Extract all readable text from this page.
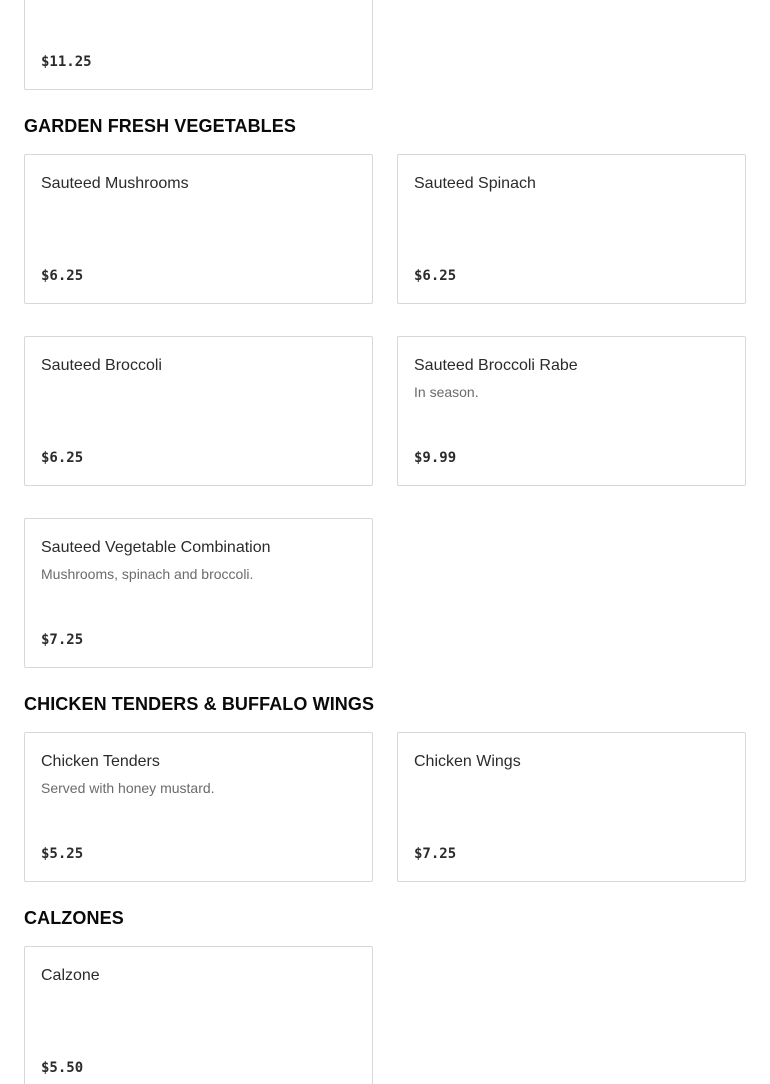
$11.25
GARDEN FRESH VEGETABLES
Sauteed Mushrooms
$6.25
Sauteed Spinach
$6.25
Sauteed Broccoli
$6.25
Sauteed Broccoli Rabe
In season.
$9.99
Sauteed Vegetable Combination
Mushrooms, spinach and broccoli.
$7.25
CHICKEN TENDERS & BUFFALO WINGS
Chicken Tenders
Served with honey mustard.
$5.25
Chicken Wings
$7.25
CALZONES
Calzone
$5.50
